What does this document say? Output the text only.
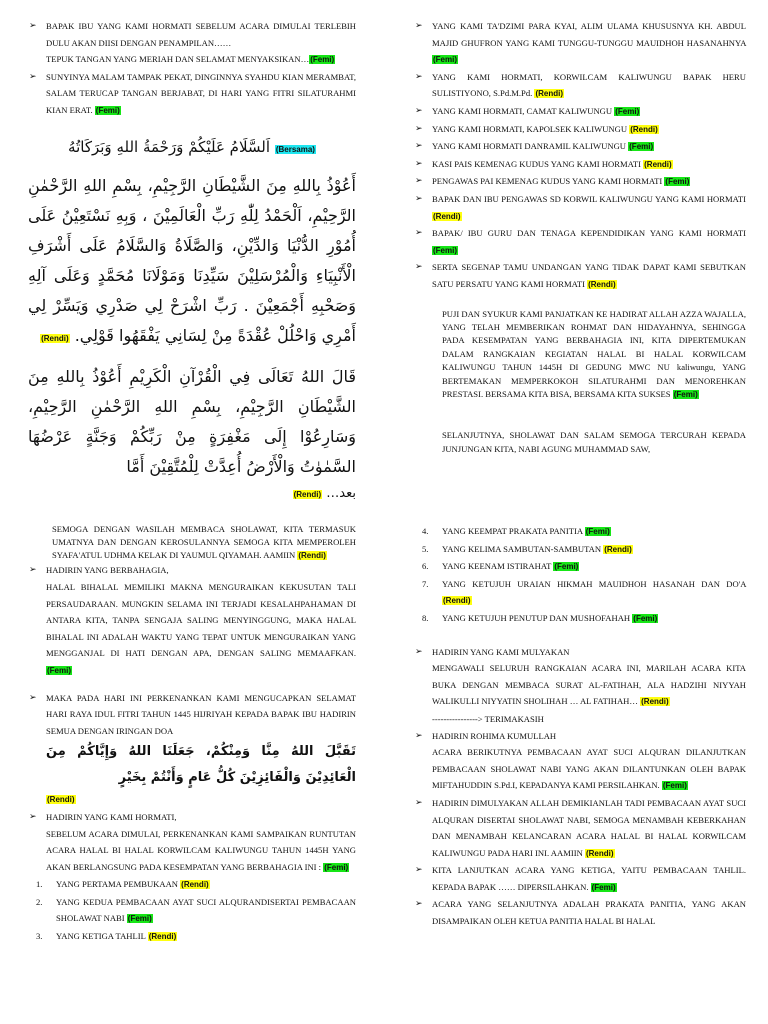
➢ BAPAK IBU YANG KAMI HORMATI SEBELUM ACARA DIMULAI TERLEBIH DULU AKAN DIISI DENGAN PENAMPILAN……
TEPUK TANGAN YANG MERIAH DAN SELAMAT MENYAKSIKAN…(Femi)
➢ SUNYINYA MALAM TAMPAK PEKAT, DINGINNYA SYAHDU KIAN MERAMBAT, SALAM TERUCAP TANGAN BERJABAT, DI HARI YANG FITRI SILATURAHMI KIAN ERAT. (Femi)

(Bersama) اَلسَّلَامُ عَلَيْكُمْ وَرَحْمَةُ اللهِ وَبَرَكَاتُهُ

أَعُوْذُ بِاللهِ مِنَ الشَّيْطَانِ الرَّجِيْمِ، بِسْمِ اللهِ الرَّحْمٰنِ الرَّحِيْمِ، اَلْحَمْدُ لِلّٰهِ رَبِّ الْعَالَمِيْنَ ، وَبِهِ نَسْتَعِيْنُ عَلَى أُمُوْرِ الدُّنْيَا وَالدِّيْنِ، وَالصَّلَاةُ وَالسَّلَامُ عَلَى أَشْرَفِ الْأَنْبِيَاءِ وَالْمُرْسَلِيْنَ سَيِّدِنَا وَمَوْلَانَا مُحَمَّدٍ وَعَلَى آلِهِ وَصَحْبِهِ أَجْمَعِيْنَ . رَبِّ اشْرَحْ لِي صَدْرِي وَيَسِّرْ لِي أَمْرِي وَاحْلُلْ عُقْدَةً مِنْ لِسَانِي يَفْقَهُوا قَوْلِي. (Rendi)

قَالَ اللهُ تَعَالَى فِي الْقُرْآنِ الْكَرِيْمِ أَعُوْذُ بِاللهِ مِنَ الشَّيْطَانِ الرَّجِيْمِ، بِسْمِ اللهِ الرَّحْمٰنِ الرَّحِيْمِ، وَسَارِعُوْا إِلَى مَغْفِرَةٍ مِنْ رَبِّكُمْ وَجَنَّةٍ عَرْضُهَا السَّمٰوٰتُ وَالْأَرْضُ أُعِدَّتْ لِلْمُتَّقِيْنَ أَمَّا

بعد… (Rendi)

➢ YANG KAMI TA'DZIMI PARA KYAI, ALIM ULAMA KHUSUSNYA KH. ABDUL MAJID GHUFRON YANG KAMI TUNGGU-TUNGGU MAUIDHOH HASANAHNYA (Femi)
➢ YANG KAMI HORMATI, KORWILCAM KALIWUNGU BAPAK HERU SULISTIYONO, S.Pd.M.Pd. (Rendi)
➢ YANG KAMI HORMATI, CAMAT KALIWUNGU (Femi)
➢ YANG KAMI HORMATI, KAPOLSEK KALIWUNGU (Rendi)
➢ YANG KAMI HORMATI DANRAMIL KALIWUNGU (Femi)
➢ KASI PAIS KEMENAG KUDUS YANG KAMI HORMATI (Rendi)
➢ PENGAWAS PAI KEMENAG KUDUS YANG KAMI HORMATI (Femi)
➢ BAPAK DAN IBU PENGAWAS SD KORWIL KALIWUNGU YANG KAMI HORMATI (Rendi)
➢ BAPAK/ IBU GURU DAN TENAGA KEPENDIDIKAN YANG KAMI HORMATI (Femi)
➢ SERTA SEGENAP TAMU UNDANGAN YANG TIDAK DAPAT KAMI SEBUTKAN SATU PERSATU YANG KAMI HORMATI (Rendi)

PUJI DAN SYUKUR KAMI PANJATKAN KE HADIRAT ALLAH AZZA WAJALLA, YANG TELAH MEMBERIKAN ROHMAT DAN HIDAYAHNYA, SEHINGGA PADA KESEMPATAN YANG BERBAHAGIA INI, KITA DIPERTEMUKAN DALAM RANGKAIAN KEGIATAN HALAL BI HALAL KORWILCAM KALIWUNGU TAHUN 1445H DI GEDUNG MWC NU kaliwungu, YANG BERTEMAKAN MEMPERKOKOH SILATURAHMI DAN MENOREHKAN PRESTASI. BERSAMA KITA BISA, BERSAMA KITA SUKSES (Femi)

SELANJUTNYA, SHOLAWAT DAN SALAM SEMOGA TERCURAH KEPADA JUNJUNGAN KITA, NABI AGUNG MUHAMMAD SAW,

SEMOGA DENGAN WASILAH MEMBACA SHOLAWAT, KITA TERMASUK UMATNYA DAN DENGAN KEROSULANNYA SEMOGA KITA MEMPEROLEH SYAFA'ATUL UDHMA KELAK DI YAUMUL QIYAMAH. AAMIIN (Rendi)

➢ HADIRIN YANG BERBAHAGIA,
HALAL BIHALAL MEMILIKI MAKNA MENGURAIKAN KEKUSUTAN TALI PERSAUDARAAN. MUNGKIN SELAMA INI TERJADI KESALAHPAHAMAN DI ANTARA KITA, TANPA SENGAJA SALING MENYINGGUNG, MAKA HALAL BIHALAL INI ADALAH WAKTU YANG TEPAT UNTUK MENGURAIKAN YANG MENGGANJAL DI HATI DENGAN APA, DENGAN SALING MEMAAFKAN. (Femi)
➢ MAKA PADA HARI INI PERKENANKAN KAMI MENGUCAPKAN SELAMAT HARI RAYA IDUL FITRI TAHUN 1445 HIJRIYAH KEPADA BAPAK IBU HADIRIN SEMUA DENGAN IRINGAN DOA

تَقَبَّلَ اللهُ مِنَّا وَمِنْكُمْ، جَعَلَنَا اللهُ وَإِيَّاكُمْ مِنَ الْعَائِدِيْنَ وَالْفَائِزِيْنَ كُلُّ عَامٍ وَأَنْتُمْ بِخَيْرٍ

(Rendi)
➢ HADIRIN YANG KAMI HORMATI,
SEBELUM ACARA DIMULAI, PERKENANKAN KAMI SAMPAIKAN RUNTUTAN ACARA HALAL BI HALAL KORWILCAM KALIWUNGU TAHUN 1445H YANG AKAN BERLANGSUNG PADA KESEMPATAN YANG BERBAHAGIA INI : (Femi)
1. YANG PERTAMA PEMBUKAAN (Rendi)
2. YANG KEDUA PEMBACAAN AYAT SUCI ALQURANDISERTAI PEMBACAAN SHOLAWAT NABI (Femi)
3. YANG KETIGA TAHLIL (Rendi)
4. YANG KEEMPAT PRAKATA PANITIA (Femi)
5. YANG KELIMA SAMBUTAN-SAMBUTAN (Rendi)
6. YANG KEENAM ISTIRAHAT (Femi)
7. YANG KETUJUH URAIAN HIKMAH MAUIDHOH HASANAH DAN DO'A (Rendi)
8. YANG KETUJUH PENUTUP DAN MUSHOFAHAH (Femi)
➢ HADIRIN YANG KAMI MULYAKAN
MENGAWALI SELURUH RANGKAIAN ACARA INI, MARILAH ACARA KITA BUKA DENGAN MEMBACA SURAT AL-FATIHAH, ALA HADZIHI NIYYAH WALIKULLI NIYYATIN SHOLIHAH … AL FATIHAH… (Rendi)
----------------> TERIMAKASIH
➢ HADIRIN ROHIMA KUMULLAH
ACARA BERIKUTNYA PEMBACAAN AYAT SUCI ALQURAN DILANJUTKAN PEMBACAAN SHOLAWAT NABI YANG AKAN DILANTUNKAN OLEH BAPAK MIFTAHUDDIN S.Pd.I, KEPADANYA KAMI PERSILAHKAN. (Femi)
➢ HADIRIN DIMULYAKAN ALLAH DEMIKIANLAH TADI PEMBACAAN AYAT SUCI ALQURAN DISERTAI SHOLAWAT NABI, SEMOGA MENAMBAH KEBERKAHAN DAN MENAMBAH KELANCARAN ACARA HALAL BI HALAL KORWILCAM KALIWUNGU PADA HARI INI. AAMIIN (Rendi)
➢ KITA LANJUTKAN ACARA YANG KETIGA, YAITU PEMBACAAN TAHLIL. KEPADA BAPAK …… DIPERSILAHKAN. (Femi)
➢ ACARA YANG SELANJUTNYA ADALAH PRAKATA PANITIA, YANG AKAN DISAMPAIKAN OLEH KETUA PANITIA HALAL BI HALAL
